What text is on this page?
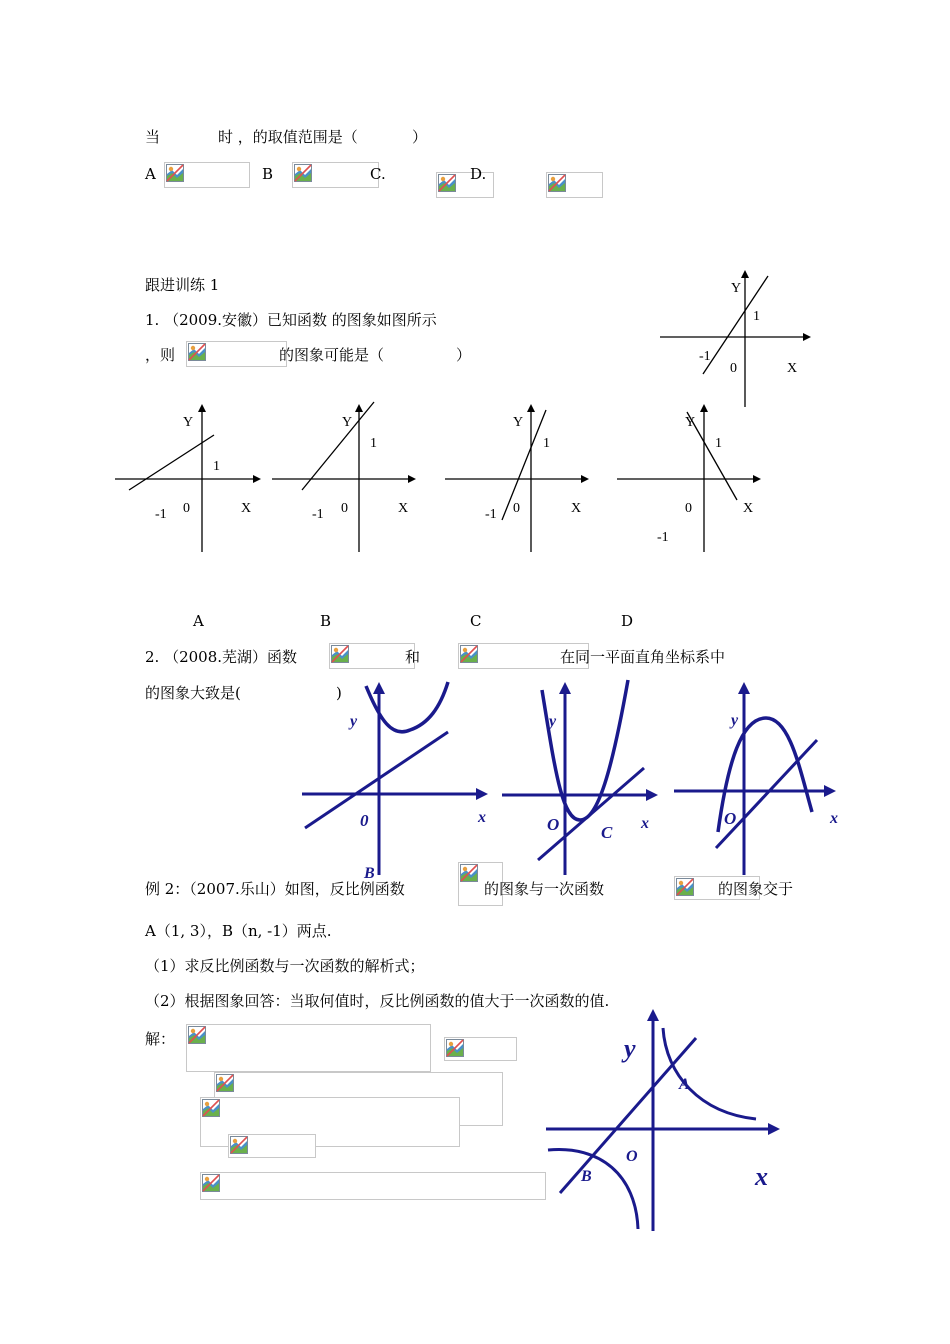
当	时 ，的取值范围是（	）
A	B	C.	D.
跟进训练 1
1. （2009.安徽）已知函数 的图象如图所示
，则	的图象可能是（	）
Y
1
-1
0	X
Y
1
-1 0	X
Y
1
-1 0	X
Y
1
-1 0	X
Y
1
-1
0	X
A	B	C	D
2. （2008.芜湖）函数	和	在同一平面直角坐标系中
的图象大致是(	)
y
0	x
B
y
O C x
y
O	x
例 2：（2007.乐山）如图，反比例函数	的图象与一次函数	的图象交于
A（1, 3），B（n, -1）两点.
（1）求反比例函数与一次函数的解析式；
（2）根据图象回答：当取何值时，反比例函数的值大于一次函数的值.
解：	y
x
O
A
B
